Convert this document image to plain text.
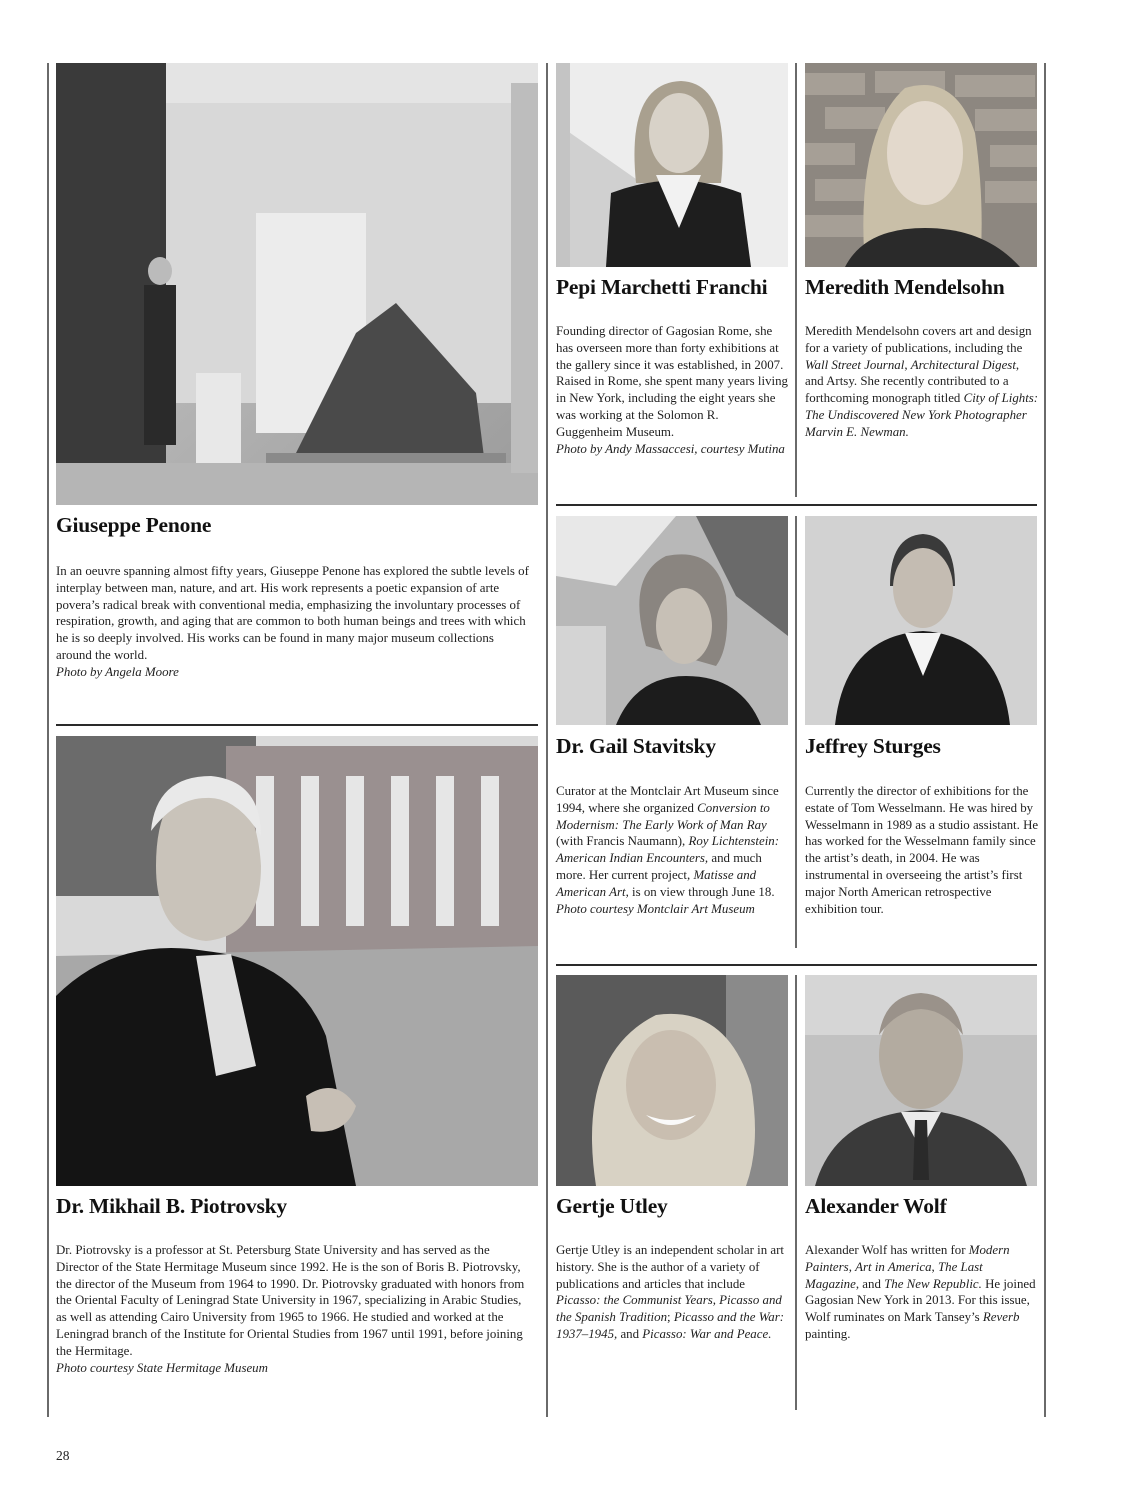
Giuseppe Penone
In an oeuvre spanning almost fifty years, Giuseppe Penone has explored the subtle levels of interplay between man, nature, and art. His work represents a poetic expansion of arte povera’s radical break with conventional media, emphasizing the involuntary processes of respiration, growth, and aging that are common to both human beings and trees with which he is so deeply involved. His works can be found in many major museum collections around the world.
Photo by Angela Moore
Pepi Marchetti Franchi
Founding director of Gagosian Rome, she has overseen more than forty exhibitions at the gallery since it was established, in 2007. Raised in Rome, she spent many years living in New York, including the eight years she was working at the Solomon R. Guggenheim Museum.
Photo by Andy Massaccesi, courtesy Mutina
Meredith Mendelsohn
Meredith Mendelsohn covers art and design for a variety of publications, including the Wall Street Journal, Architectural Digest, and Artsy. She recently contributed to a forthcoming monograph titled City of Lights: The Undiscovered New York Photographer Marvin E. Newman.
Dr. Gail Stavitsky
Curator at the Montclair Art Museum since 1994, where she organized Conversion to Modernism: The Early Work of Man Ray (with Francis Naumann), Roy Lichtenstein: American Indian Encounters, and much more. Her current project, Matisse and American Art, is on view through June 18.
Photo courtesy Montclair Art Museum
Jeffrey Sturges
Currently the director of exhibitions for the estate of Tom Wesselmann. He was hired by Wesselmann in 1989 as a studio assistant. He has worked for the Wesselmann family since the artist’s death, in 2004. He was instrumental in overseeing the artist’s first major North American retrospective exhibition tour.
Dr. Mikhail B. Piotrovsky
Dr. Piotrovsky is a professor at St. Petersburg State University and has served as the Director of the State Hermitage Museum since 1992. He is the son of Boris B. Piotrovsky, the director of the Museum from 1964 to 1990. Dr. Piotrovsky graduated with honors from the Oriental Faculty of Leningrad State University in 1967, specializing in Arabic Studies, as well as attending Cairo University from 1965 to 1966. He studied and worked at the Leningrad branch of the Institute for Oriental Studies from 1967 until 1991, before joining the Hermitage.
Photo courtesy State Hermitage Museum
Gertje Utley
Gertje Utley is an independent scholar in art history. She is the author of a variety of publications and articles that include Picasso: the Communist Years, Picasso and the Spanish Tradition; Picasso and the War: 1937–1945, and Picasso: War and Peace.
Alexander Wolf
Alexander Wolf has written for Modern Painters, Art in America, The Last Magazine, and The New Republic. He joined Gagosian New York in 2013. For this issue, Wolf ruminates on Mark Tansey’s Reverb painting.
28
